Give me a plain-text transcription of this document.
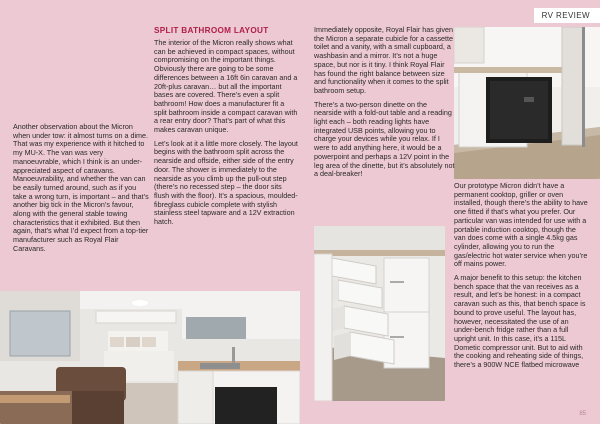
RV REVIEW

Another observation about the Micron when under tow: it almost turns on a dime. That was my experience with it hitched to my MU-X. The van was very manoeuvrable, which I think is an under-appreciated aspect of caravans. Manoeuvrability, and whether the van can be easily turned around, such as if you take a wrong turn, is important – and that’s another big tick in the Micron’s favour, along with the general stable towing characteristics that it exhibited. But then again, that’s what I’d expect from a top-tier manufacturer such as Royal Flair Caravans.

SPLIT BATHROOM LAYOUT

The interior of the Micron really shows what can be achieved in compact spaces, without compromising on the important things. Obviously there are going to be some differences between a 16ft 6in caravan and a 20ft-plus caravan… but all the important bases are covered. There’s even a split bathroom! How does a manufacturer fit a split bathroom inside a compact caravan with a rear entry door? That’s part of what this makes caravan unique.

Let’s look at it a little more closely. The layout begins with the bathroom split across the nearside and offside, either side of the entry door. The shower is immediately to the nearside as you climb up the pull-out step (there’s no recessed step – the door sits flush with the floor). It’s a spacious, moulded-fibreglass cubicle complete with stylish stainless steel tapware and a 12V extraction hatch.

Immediately opposite, Royal Flair has given the Micron a separate cubicle for a cassette toilet and a vanity, with a small cupboard, a washbasin and a mirror. It’s not a huge space, but nor is it tiny. I think Royal Flair has found the right balance between size and functionality when it comes to the split bathroom setup.

There’s a two-person dinette on the nearside with a fold-out table and a reading light each – both reading lights have integrated USB points, allowing you to charge your devices while you relax. If I were to add anything here, it would be a powerpoint and perhaps a 12V point in the leg area of the dinette, but it’s absolutely not a deal-breaker!

Our prototype Micron didn’t have a permanent cooktop, griller or oven installed, though there’s the ability to have one fitted if that’s what you prefer. Our particular van was intended for use with a portable induction cooktop, though the van does come with a single 4.5kg gas cylinder, allowing you to run the gas/electric hot water service when you’re off mains power.

A major benefit to this setup: the kitchen bench space that the van receives as a result, and let’s be honest: in a compact caravan such as this, that bench space is bound to prove useful. The layout has, however, necessitated the use of an under-bench fridge rather than a full upright unit. In this case, it’s a 115L Dometic compressor unit. But to aid with the cooking and reheating side of things, there’s a 900W NCE flatbed microwave

85
